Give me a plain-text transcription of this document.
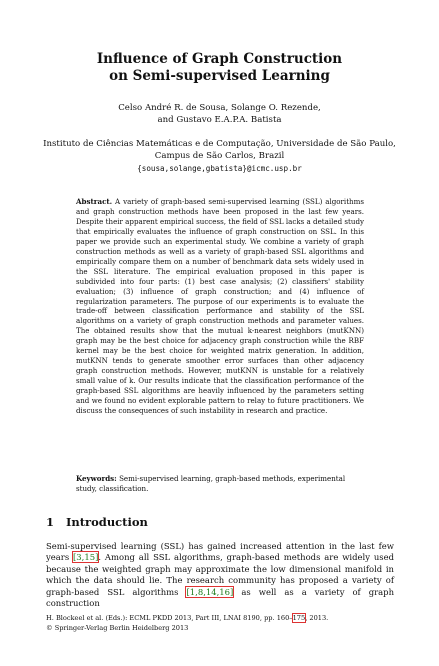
Influence of Graph Construction
on Semi-supervised Learning
Celso André R. de Sousa, Solange O. Rezende,
and Gustavo E.A.P.A. Batista
Instituto de Ciências Matemáticas e de Computação, Universidade de São Paulo,
Campus de São Carlos, Brazil
{sousa,solange,gbatista}@icmc.usp.br
Abstract. A variety of graph-based semi-supervised learning (SSL) algorithms and graph construction methods have been proposed in the last few years. Despite their apparent empirical success, the field of SSL lacks a detailed study that empirically evaluates the influence of graph construction on SSL. In this paper we provide such an experimental study. We combine a variety of graph construction methods as well as a variety of graph-based SSL algorithms and empirically compare them on a number of benchmark data sets widely used in the SSL literature. The empirical evaluation proposed in this paper is subdivided into four parts: (1) best case analysis; (2) classifiers' stability evaluation; (3) influence of graph construction; and (4) influence of regularization parameters. The purpose of our experiments is to evaluate the trade-off between classification performance and stability of the SSL algorithms on a variety of graph construction methods and parameter values. The obtained results show that the mutual k-nearest neighbors (mutKNN) graph may be the best choice for adjacency graph construction while the RBF kernel may be the best choice for weighted matrix generation. In addition, mutKNN tends to generate smoother error surfaces than other adjacency graph construction methods. However, mutKNN is unstable for a relatively small value of k. Our results indicate that the classification performance of the graph-based SSL algorithms are heavily influenced by the parameters setting and we found no evident explorable pattern to relay to future practitioners. We discuss the consequences of such instability in research and practice.
Keywords: Semi-supervised learning, graph-based methods, experimental study, classification.
1 Introduction
Semi-supervised learning (SSL) has gained increased attention in the last few years [3,15]. Among all SSL algorithms, graph-based methods are widely used because the weighted graph may approximate the low dimensional manifold in which the data should lie. The research community has proposed a variety of graph-based SSL algorithms [1,8,14,16] as well as a variety of graph construction
H. Blockeel et al. (Eds.): ECML PKDD 2013, Part III, LNAI 8190, pp. 160–175, 2013.
© Springer-Verlag Berlin Heidelberg 2013
